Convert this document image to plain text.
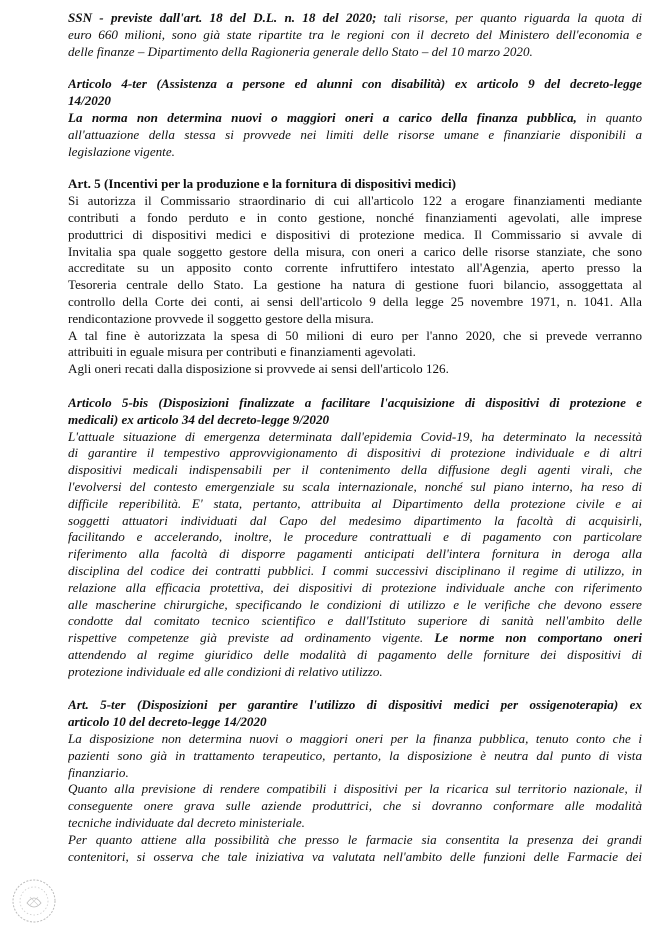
SSN - previste dall'art. 18 del D.L. n. 18 del 2020; tali risorse, per quanto riguarda la quota di
euro 660 milioni, sono già state ripartite tra le regioni con il decreto del Ministero dell'economia e
delle finanze – Dipartimento della Ragioneria generale dello Stato – del 10 marzo 2020.

Articolo 4-ter (Assistenza a persone ed alunni con disabilità) ex articolo 9 del decreto-legge
14/2020
La norma non determina nuovi o maggiori oneri a carico della finanza pubblica, in quanto
all'attuazione della stessa si provvede nei limiti delle risorse umane e finanziarie disponibili a
legislazione vigente.

Art. 5 (Incentivi per la produzione e la fornitura di dispositivi medici)
Si autorizza il Commissario straordinario di cui all'articolo 122 a erogare finanziamenti mediante
contributi a fondo perduto e in conto gestione, nonché finanziamenti agevolati, alle imprese
produttrici di dispositivi medici e dispositivi di protezione medica. Il Commissario si avvale di
Invitalia spa quale soggetto gestore della misura, con oneri a carico delle risorse stanziate, che sono
accreditate su un apposito conto corrente infruttifero intestato all'Agenzia, aperto presso la
Tesoreria centrale dello Stato. La gestione ha natura di gestione fuori bilancio, assoggettata al
controllo della Corte dei conti, ai sensi dell'articolo 9 della legge 25 novembre 1971, n. 1041. Alla
rendicontazione provvede il soggetto gestore della misura.
A tal fine è autorizzata la spesa di 50 milioni di euro per l'anno 2020, che si prevede verranno
attribuiti in eguale misura per contributi e finanziamenti agevolati.
Agli oneri recati dalla disposizione si provvede ai sensi dell'articolo 126.

Articolo 5-bis (Disposizioni finalizzate a facilitare l'acquisizione di dispositivi di protezione e
medicali) ex articolo 34 del decreto-legge 9/2020
L'attuale situazione di emergenza determinata dall'epidemia Covid-19, ha determinato la necessità
di garantire il tempestivo approvvigionamento di dispositivi di protezione individuale e di altri
dispositivi medicali indispensabili per il contenimento della diffusione degli agenti virali, che
l'evolversi del contesto emergenziale su scala internazionale, nonché sul piano interno, ha reso di
difficile reperibilità. E' stata, pertanto, attribuita al Dipartimento della protezione civile e ai
soggetti attuatori individuati dal Capo del medesimo dipartimento la facoltà di acquisirli,
facilitando e accelerando, inoltre, le procedure contrattuali e di pagamento con particolare
riferimento alla facoltà di disporre pagamenti anticipati dell'intera fornitura in deroga alla
disciplina del codice dei contratti pubblici. I commi successivi disciplinano il regime di utilizzo, in
relazione alla efficacia protettiva, dei dispositivi di protezione individuale anche con riferimento
alle mascherine chirurgiche, specificando le condizioni di utilizzo e le verifiche che devono essere
condotte dal comitato tecnico scientifico e dall'Istituto superiore di sanità nell'ambito delle
rispettive competenze già previste ad ordinamento vigente. Le norme non comportano oneri
attendendo al regime giuridico delle modalità di pagamento delle forniture dei dispositivi di
protezione individuale ed alle condizioni di relativo utilizzo.

Art. 5-ter (Disposizioni per garantire l'utilizzo di dispositivi medici per ossigenoterapia) ex
articolo 10 del decreto-legge 14/2020
La disposizione non determina nuovi o maggiori oneri per la finanza pubblica, tenuto conto che i
pazienti sono già in trattamento terapeutico, pertanto, la disposizione è neutra dal punto di vista
finanziario.
Quanto alla previsione di rendere compatibili i dispositivi per la ricarica sul territorio nazionale, il
conseguente onere grava sulle aziende produttrici, che si dovranno conformare alle modalità
tecniche individuate dal decreto ministeriale.
Per quanto attiene alla possibilità che presso le farmacie sia consentita la presenza dei grandi
contenitori, si osserva che tale iniziativa va valutata nell'ambito delle funzioni delle Farmacie dei
